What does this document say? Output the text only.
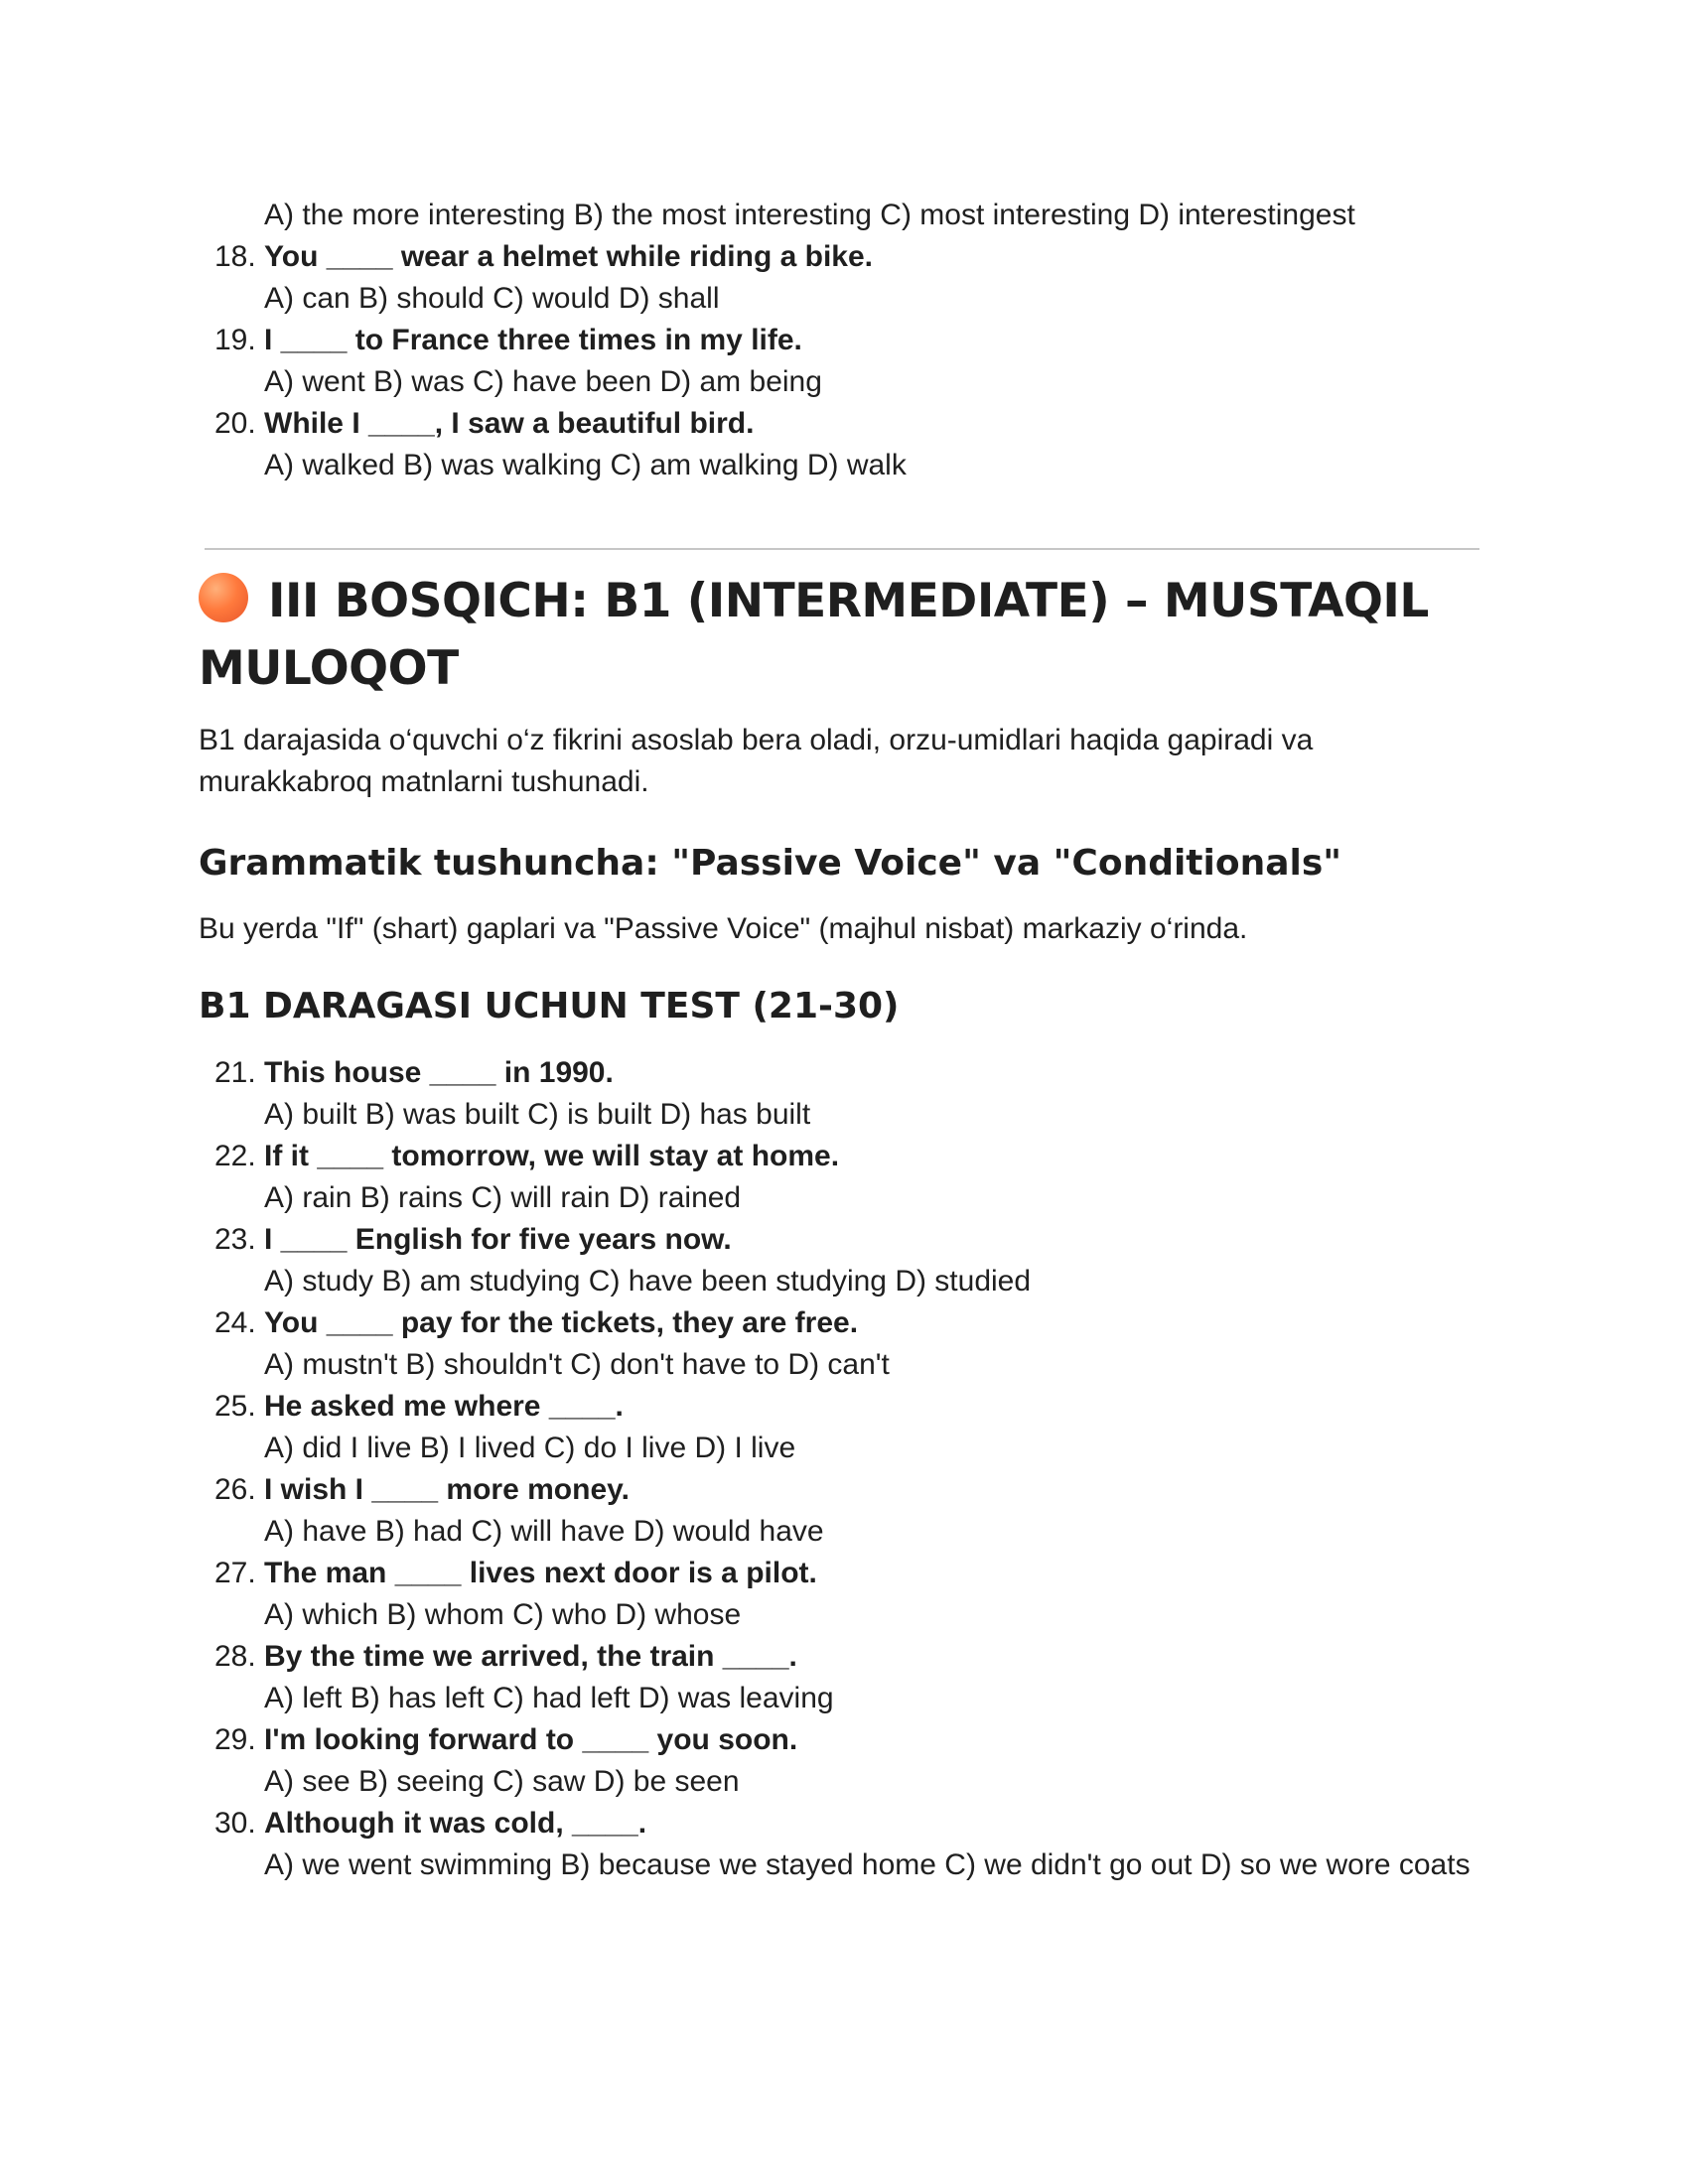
A) the more interesting B) the most interesting C) most interesting D) interestingest
18. You ____ wear a helmet while riding a bike.
A) can B) should C) would D) shall
19. I ____ to France three times in my life.
A) went B) was C) have been D) am being
20. While I ____, I saw a beautiful bird.
A) walked B) was walking C) am walking D) walk
III BOSQICH: B1 (INTERMEDIATE) – MUSTAQIL MULOQOT
B1 darajasida o‘quvchi o‘z fikrini asoslab bera oladi, orzu-umidlari haqida gapiradi va murakkabroq matnlarni tushunadi.
Grammatik tushuncha: "Passive Voice" va "Conditionals"
Bu yerda "If" (shart) gaplari va "Passive Voice" (majhul nisbat) markaziy o‘rinda.
B1 DARAGASI UCHUN TEST (21-30)
21. This house ____ in 1990.
A) built B) was built C) is built D) has built
22. If it ____ tomorrow, we will stay at home.
A) rain B) rains C) will rain D) rained
23. I ____ English for five years now.
A) study B) am studying C) have been studying D) studied
24. You ____ pay for the tickets, they are free.
A) mustn't B) shouldn't C) don't have to D) can't
25. He asked me where ____.
A) did I live B) I lived C) do I live D) I live
26. I wish I ____ more money.
A) have B) had C) will have D) would have
27. The man ____ lives next door is a pilot.
A) which B) whom C) who D) whose
28. By the time we arrived, the train ____.
A) left B) has left C) had left D) was leaving
29. I'm looking forward to ____ you soon.
A) see B) seeing C) saw D) be seen
30. Although it was cold, ____.
A) we went swimming B) because we stayed home C) we didn't go out D) so we wore coats
